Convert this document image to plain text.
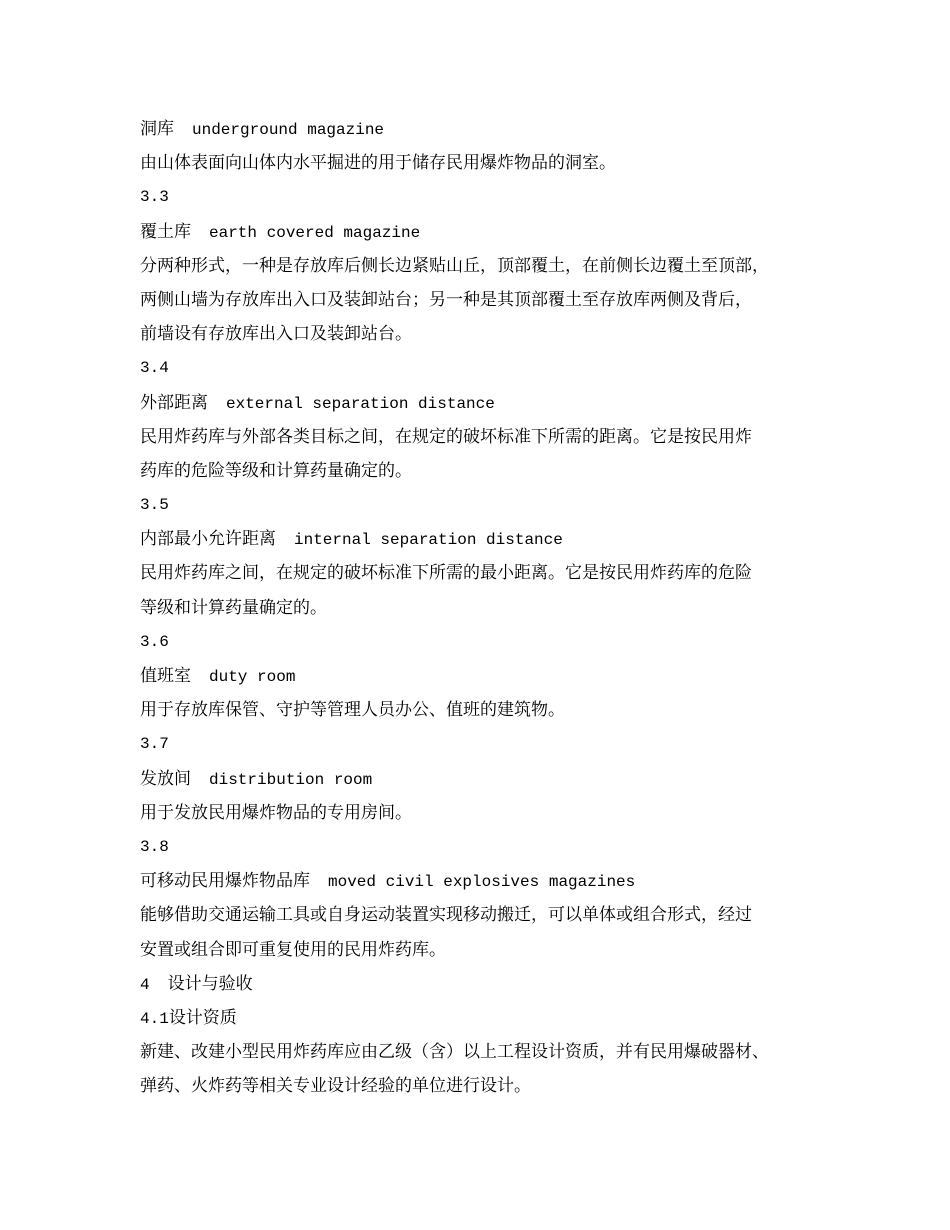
洞库 underground magazine
由山体表面向山体内水平掘进的用于储存民用爆炸物品的洞室。
3.3
覆土库 earth covered magazine
分两种形式，一种是存放库后侧长边紧贴山丘，顶部覆土，在前侧长边覆土至顶部，
两侧山墙为存放库出入口及装卸站台；另一种是其顶部覆土至存放库两侧及背后，
前墙设有存放库出入口及装卸站台。
3.4
外部距离 external separation distance
民用炸药库与外部各类目标之间，在规定的破坏标准下所需的距离。它是按民用炸
药库的危险等级和计算药量确定的。
3.5
内部最小允许距离 internal separation distance
民用炸药库之间，在规定的破坏标准下所需的最小距离。它是按民用炸药库的危险
等级和计算药量确定的。
3.6
值班室 duty room
用于存放库保管、守护等管理人员办公、值班的建筑物。
3.7
发放间 distribution room
用于发放民用爆炸物品的专用房间。
3.8
可移动民用爆炸物品库 moved civil explosives magazines
能够借助交通运输工具或自身运动装置实现移动搬迁，可以单体或组合形式，经过
安置或组合即可重复使用的民用炸药库。
4 设计与验收
4.1设计资质
新建、改建小型民用炸药库应由乙级（含）以上工程设计资质，并有民用爆破器材、
弹药、火炸药等相关专业设计经验的单位进行设计。
